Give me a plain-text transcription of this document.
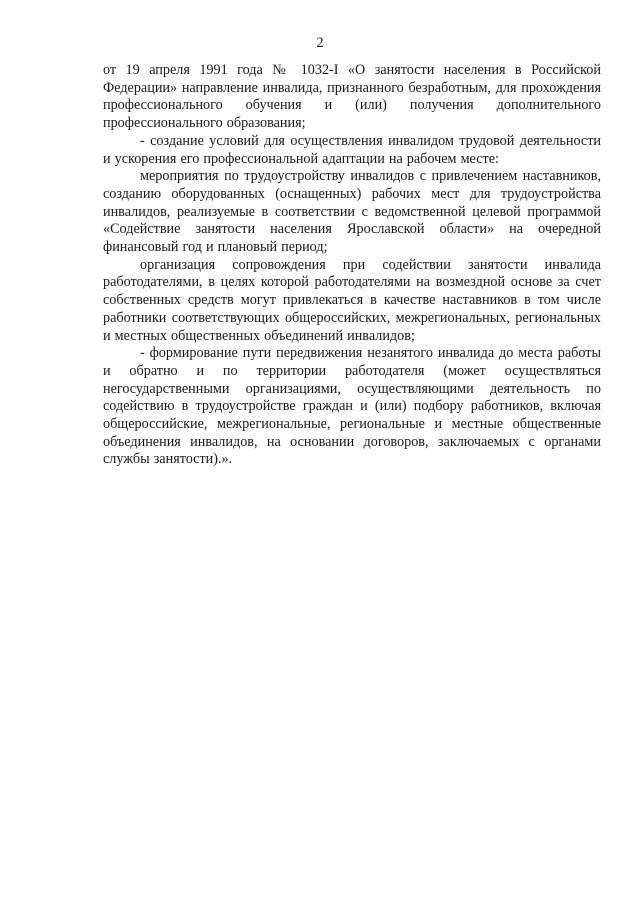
2

от 19 апреля 1991 года № 1032-I «О занятости населения в Российской Федерации» направление инвалида, признанного безработным, для прохождения профессионального обучения и (или) получения дополнительного профессионального образования;

- создание условий для осуществления инвалидом трудовой деятельности и ускорения его профессиональной адаптации на рабочем месте:

мероприятия по трудоустройству инвалидов с привлечением наставников, созданию оборудованных (оснащенных) рабочих мест для трудоустройства инвалидов, реализуемые в соответствии с ведомственной целевой программой «Содействие занятости населения Ярославской области» на очередной финансовый год и плановый период;

организация сопровождения при содействии занятости инвалида работодателями, в целях которой работодателями на возмездной основе за счет собственных средств могут привлекаться в качестве наставников в том числе работники соответствующих общероссийских, межрегиональных, региональных и местных общественных объединений инвалидов;

- формирование пути передвижения незанятого инвалида до места работы и обратно и по территории работодателя (может осуществляться негосударственными организациями, осуществляющими деятельность по содействию в трудоустройстве граждан и (или) подбору работников, включая общероссийские, межрегиональные, региональные и местные общественные объединения инвалидов, на основании договоров, заключаемых с органами службы занятости).».
